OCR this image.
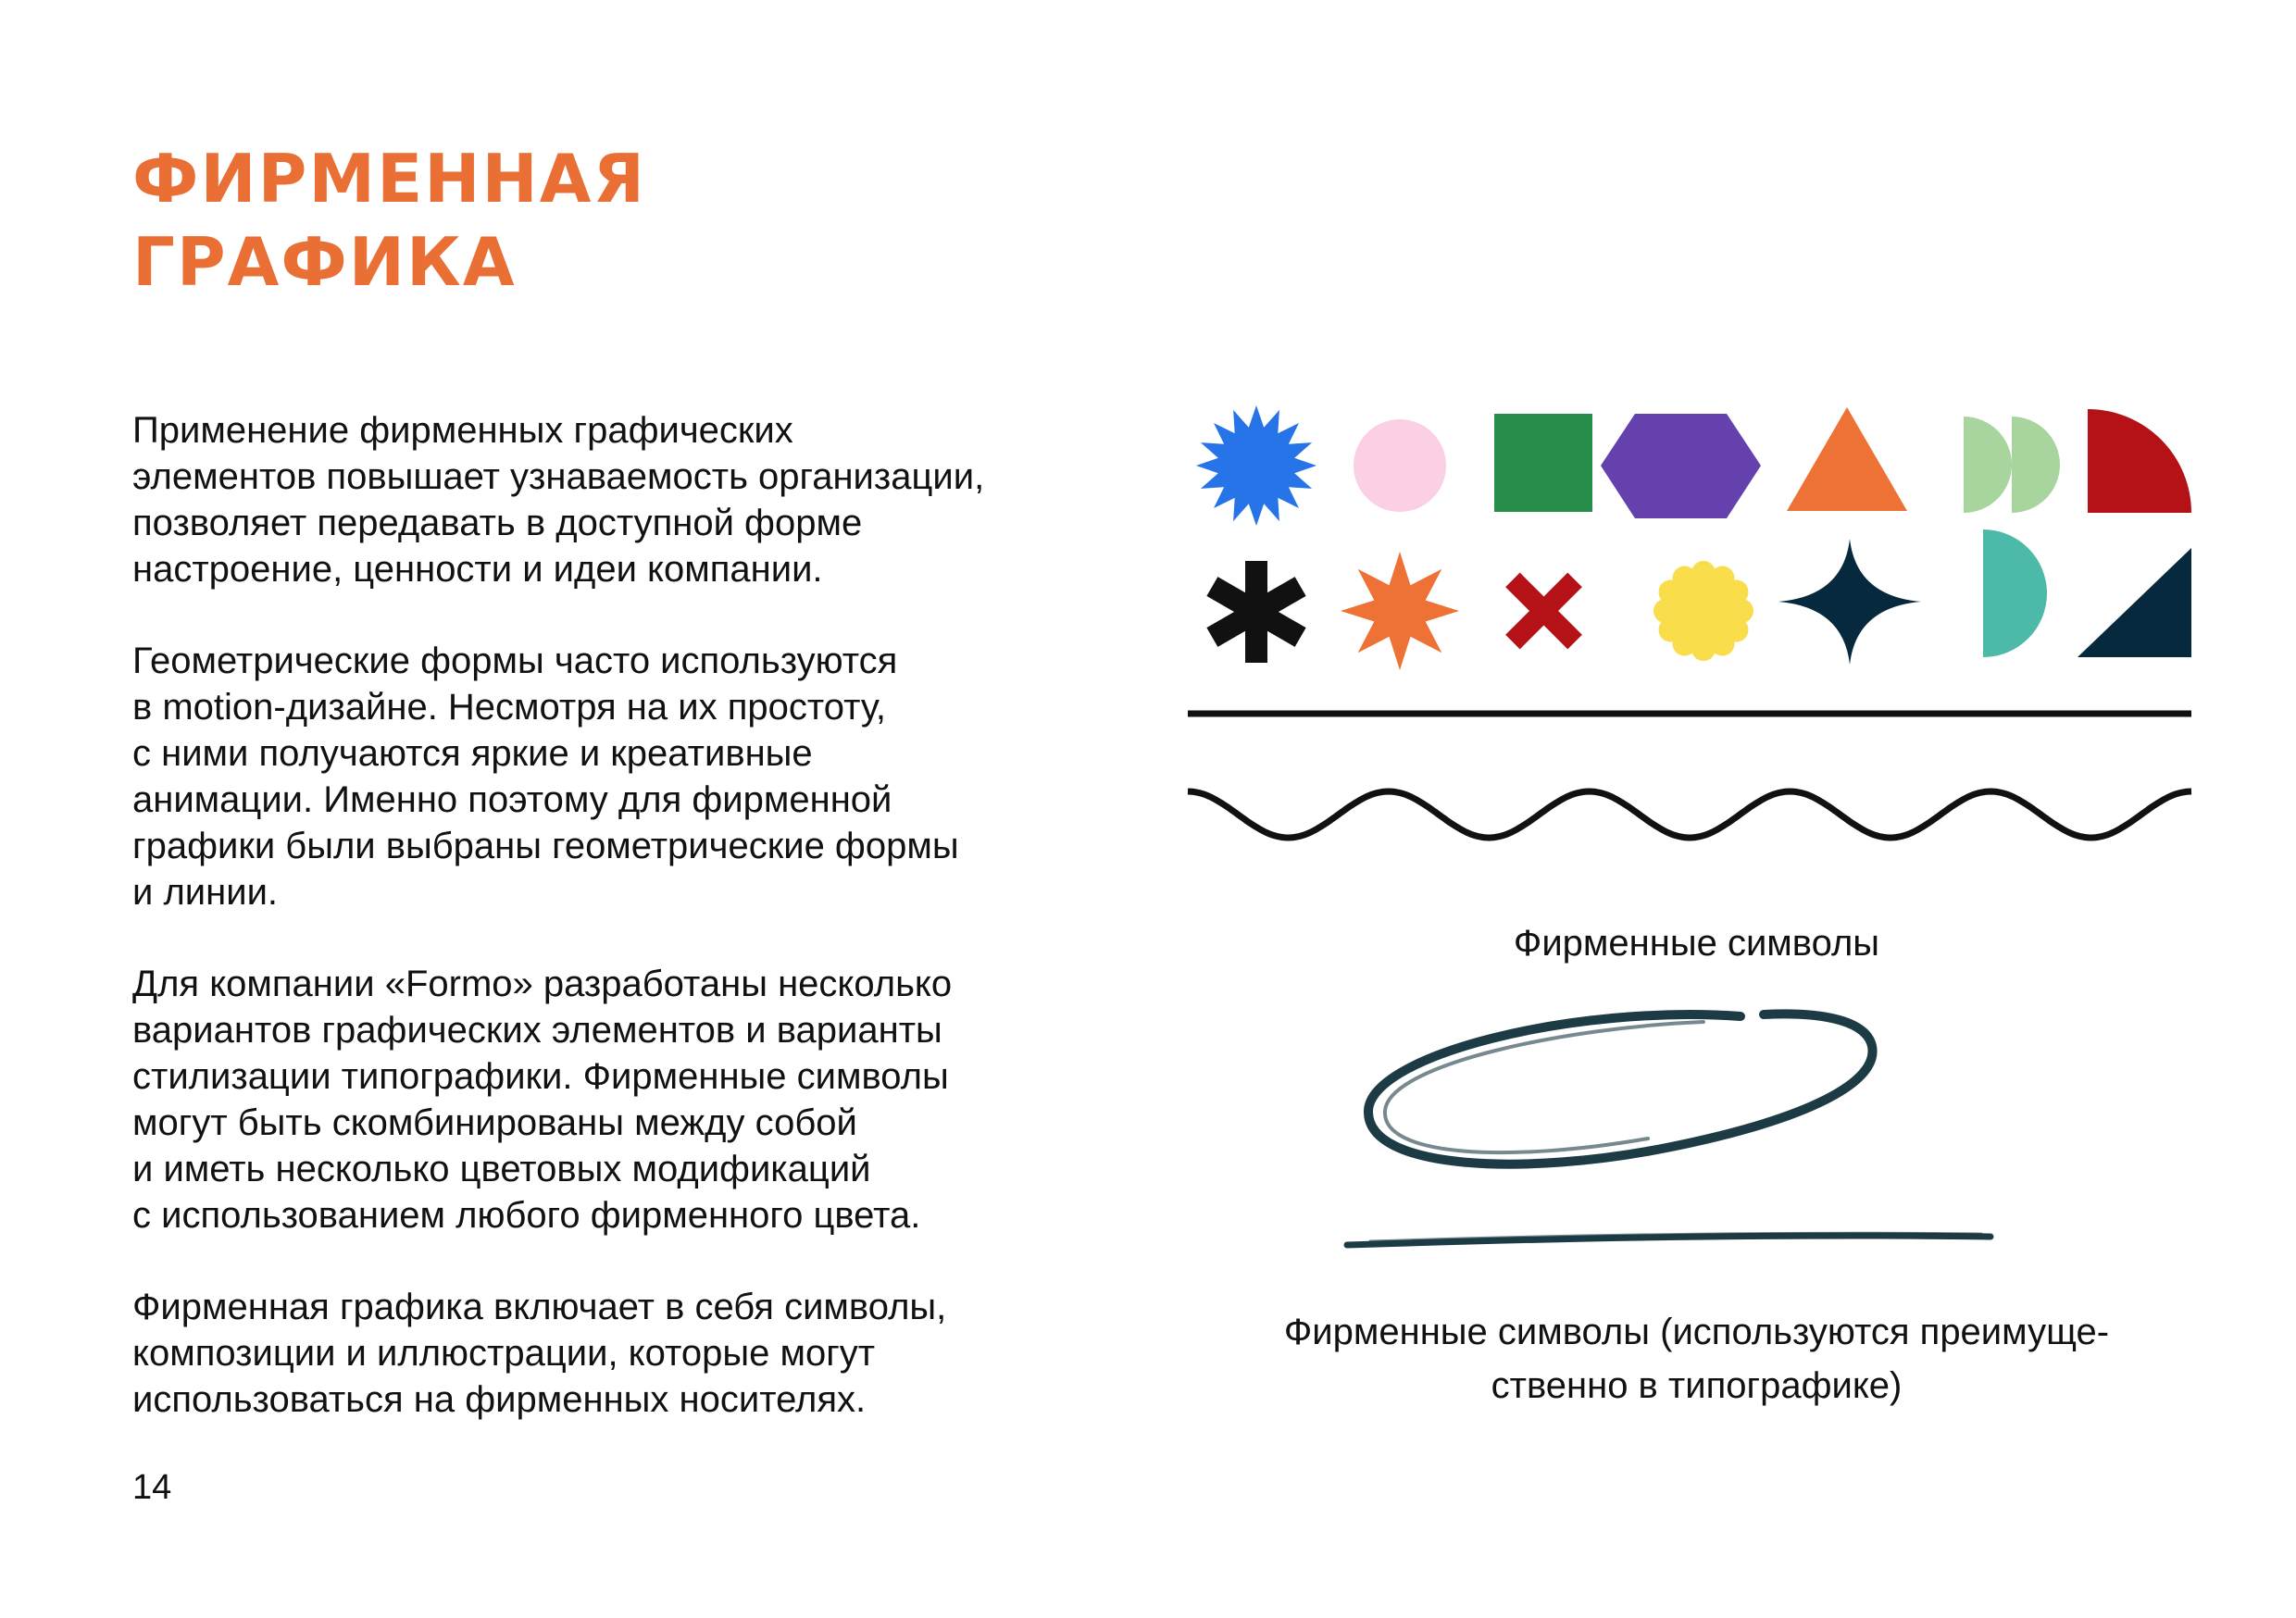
ФИРМЕННАЯ
ГРАФИКА

Применение фирменных графических
элементов повышает узнаваемость организации,
позволяет передавать в доступной форме
настроение, ценности и идеи компании.

Геометрические формы часто используются
в motion-дизайне. Несмотря на их простоту,
с ними получаются яркие и креативные
анимации. Именно поэтому для фирменной
графики были выбраны геометрические формы
и линии.

Для компании «Formo» разработаны несколько
вариантов графических элементов и варианты
стилизации типографики. Фирменные символы
могут быть скомбинированы между собой
и иметь несколько цветовых модификаций
с использованием любого фирменного цвета.

Фирменная графика включает в себя символы,
композиции и иллюстрации, которые могут
использоваться на фирменных носителях.

14
Фирменные символы
Фирменные символы (используются преимуще-
ственно в типографике)
